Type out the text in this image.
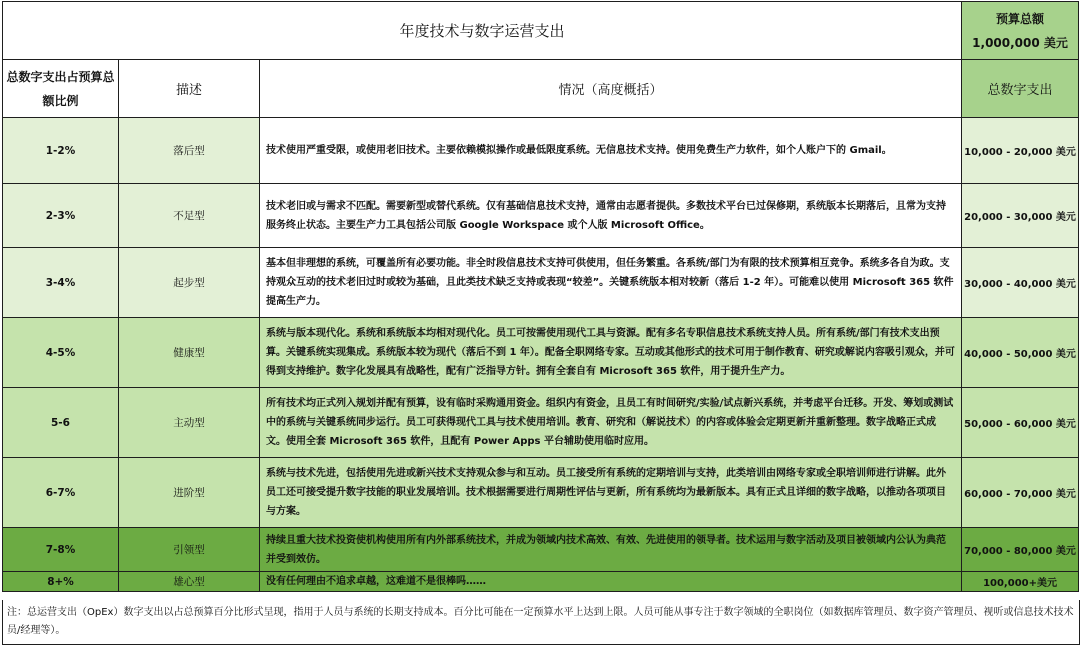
年度技术与数字运营支出			预算总额
1,000,000 美元

总数字支出占预算总额比例	描述	情况（高度概括）	总数字支出
1-2%	落后型	技术使用严重受限，或使用老旧技术。主要依赖模拟操作或最低限度系统。无信息技术支持。使用免费生产力软件，如个人账户下的 Gmail。	10,000 - 20,000 美元
2-3%	不足型	技术老旧或与需求不匹配。需要新型或替代系统。仅有基础信息技术支持，通常由志愿者提供。多数技术平台已过保修期，系统版本长期落后，且常为支持服务终止状态。主要生产力工具包括公司版 Google Workspace 或个人版 Microsoft Office。	20,000 - 30,000 美元
3-4%	起步型	基本但非理想的系统，可覆盖所有必要功能。非全时段信息技术支持可供使用，但任务繁重。各系统/部门为有限的技术预算相互竞争。系统多各自为政。支持观众互动的技术老旧过时或较为基础，且此类技术缺乏支持或表现“较差”。关键系统版本相对较新（落后 1-2 年）。可能难以使用 Microsoft 365 软件提高生产力。	30,000 - 40,000 美元
4-5%	健康型	系统与版本现代化。系统和系统版本均相对现代化。员工可按需使用现代工具与资源。配有多名专职信息技术系统支持人员。所有系统/部门有技术支出预算。关键系统实现集成。系统版本较为现代（落后不到 1 年）。配备全职网络专家。互动或其他形式的技术可用于制作教育、研究或解说内容吸引观众，并可得到支持维护。数字化发展具有战略性，配有广泛指导方针。拥有全套自有 Microsoft 365 软件，用于提升生产力。	40,000 - 50,000 美元
5-6	主动型	所有技术均正式列入规划并配有预算，设有临时采购通用资金。组织内有资金，且员工有时间研究/实验/试点新兴系统，并考虑平台迁移。开发、筹划或测试中的系统与关键系统同步运行。员工可获得现代工具与技术使用培训。教育、研究和（解说技术）的内容或体验会定期更新并重新整理。数字战略正式成文。使用全套 Microsoft 365 软件，且配有 Power Apps 平台辅助使用临时应用。	50,000 - 60,000 美元
6-7%	进阶型	系统与技术先进，包括使用先进或新兴技术支持观众参与和互动。员工接受所有系统的定期培训与支持，此类培训由网络专家或全职培训师进行讲解。此外员工还可接受提升数字技能的职业发展培训。技术根据需要进行周期性评估与更新，所有系统均为最新版本。具有正式且详细的数字战略，以推动各项项目与方案。	60,000 - 70,000 美元
7-8%	引领型	持续且重大技术投资使机构使用所有内外部系统技术，并成为领域内技术高效、有效、先进使用的领导者。技术运用与数字活动及项目被领域内公认为典范并受到效仿。	70,000 - 80,000 美元
8+%	雄心型	没有任何理由不追求卓越，这难道不是很棒吗……	100,000+美元
注：总运营支出（OpEx）数字支出以占总预算百分比形式呈现，指用于人员与系统的长期支持成本。百分比可能在一定预算水平上达到上限。人员可能从事专注于数字领域的全职岗位（如数据库管理员、数字资产管理员、视听或信息技术技术员/经理等）。
